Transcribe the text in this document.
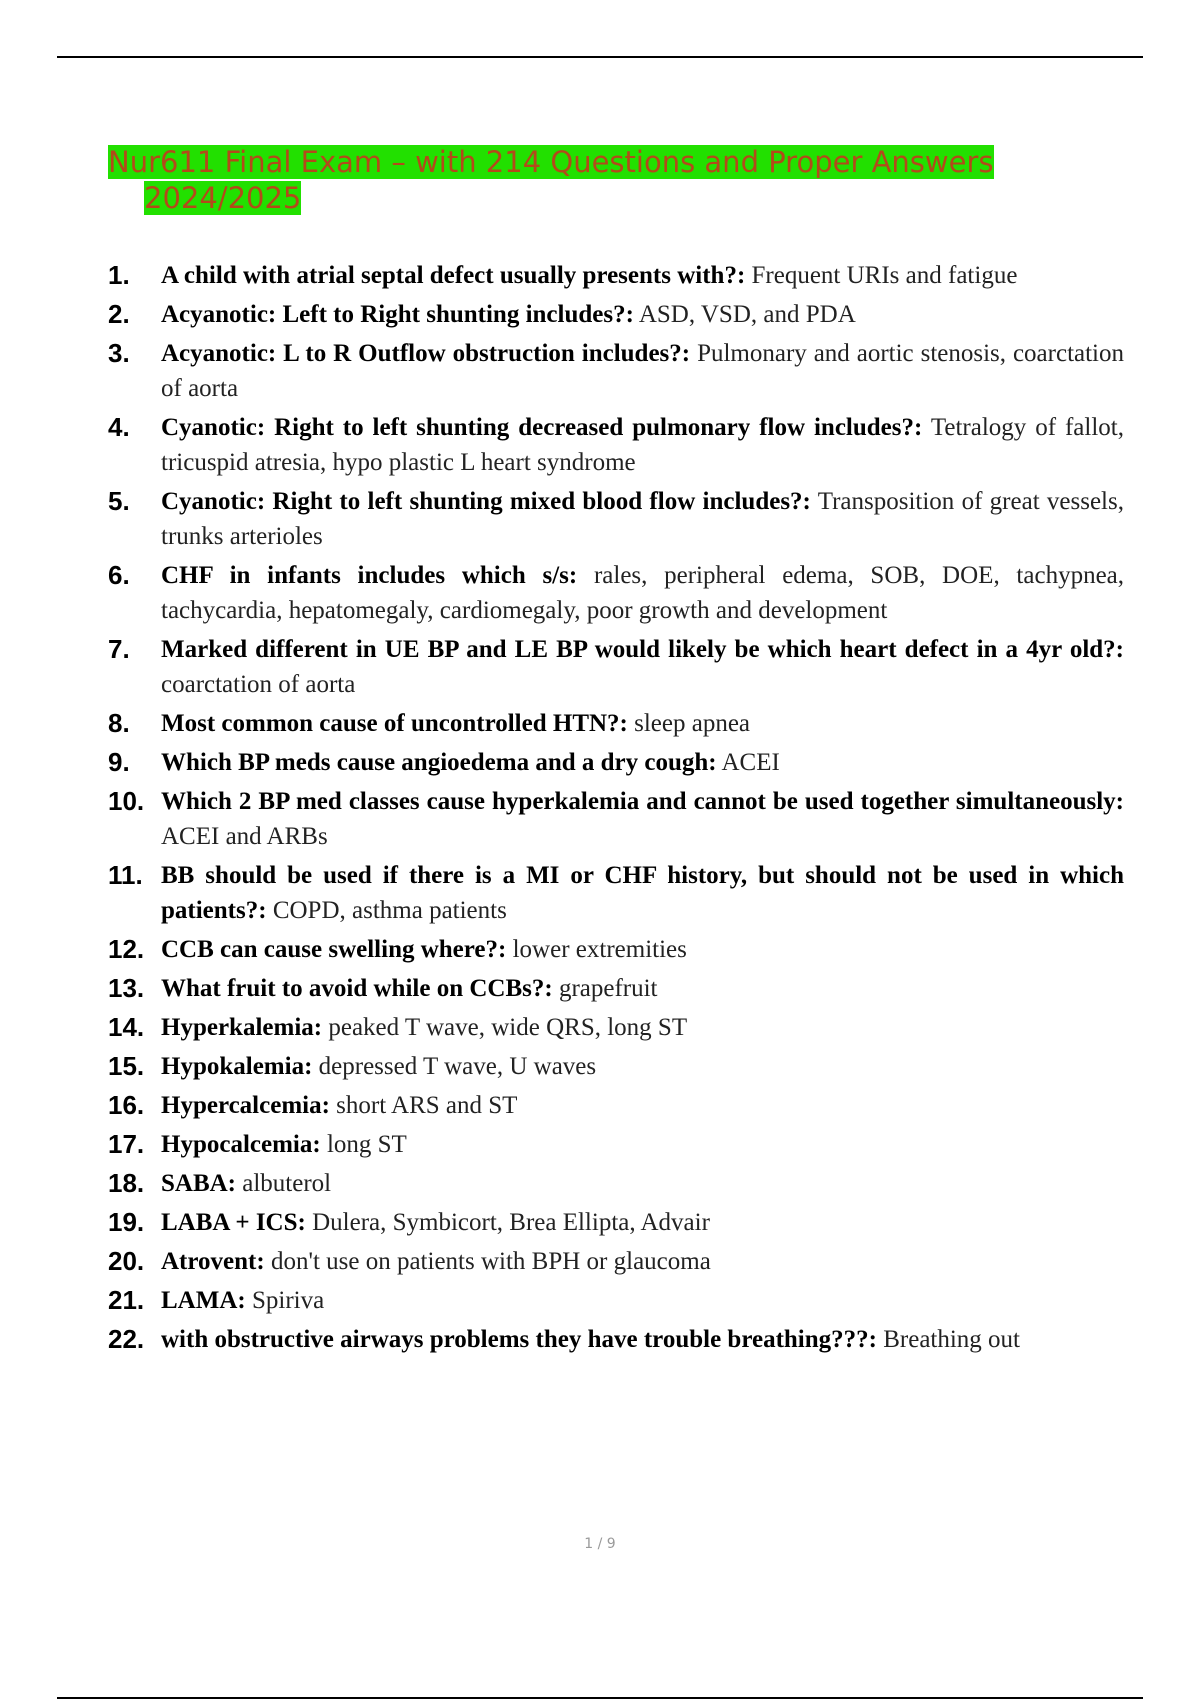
Nur611 Final Exam – with 214 Questions and Proper Answers
2024/2025
1.	A child with atrial septal defect usually presents with?: Frequent URIs and fatigue
2.	Acyanotic: Left to Right shunting includes?: ASD, VSD, and PDA
3.	Acyanotic: L to R Outflow obstruction includes?: Pulmonary and aortic stenosis, coarctation of aorta
4.	Cyanotic: Right to left shunting decreased pulmonary flow includes?: Tetralogy of fallot, tricuspid atresia, hypo plastic L heart syndrome
5.	Cyanotic: Right to left shunting mixed blood flow includes?: Transposition of great vessels, trunks arterioles
6.	CHF in infants includes which s/s: rales, peripheral edema, SOB, DOE, tachypnea, tachycardia, hepatomegaly, cardiomegaly, poor growth and development
7.	Marked different in UE BP and LE BP would likely be which heart defect in a 4yr old?: coarctation of aorta
8.	Most common cause of uncontrolled HTN?: sleep apnea
9.	Which BP meds cause angioedema and a dry cough: ACEI
10. Which 2 BP med classes cause hyperkalemia and cannot be used together simultaneously: ACEI and ARBs
11. BB should be used if there is a MI or CHF history, but should not be used in which patients?: COPD, asthma patients
12. CCB can cause swelling where?: lower extremities
13. What fruit to avoid while on CCBs?: grapefruit
14. Hyperkalemia: peaked T wave, wide QRS, long ST
15. Hypokalemia: depressed T wave, U waves
16. Hypercalcemia: short ARS and ST
17. Hypocalcemia: long ST
18. SABA: albuterol
19. LABA + ICS: Dulera, Symbicort, Brea Ellipta, Advair
20. Atrovent: don't use on patients with BPH or glaucoma
21. LAMA: Spiriva
22. with obstructive airways problems they have trouble breathing???: Breathing out
1 / 9
